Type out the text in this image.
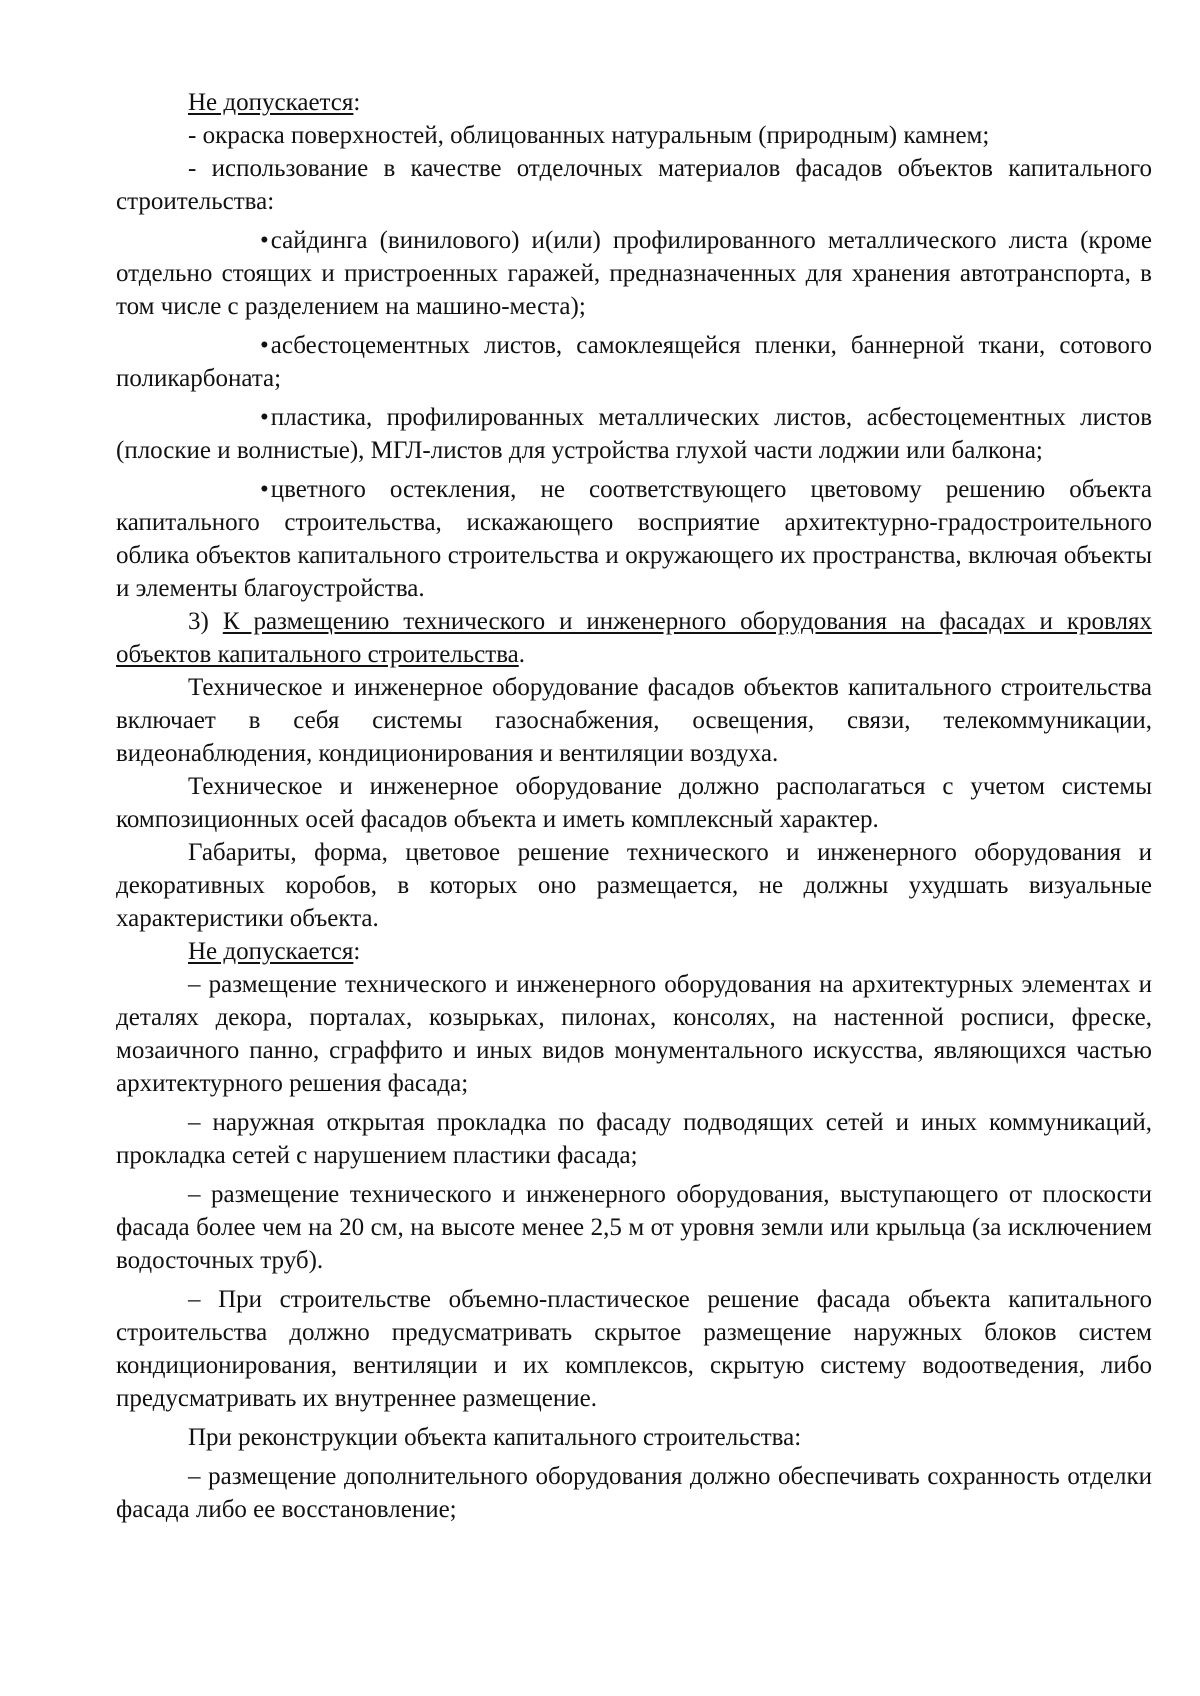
Не допускается:

- окраска поверхностей, облицованных натуральным (природным) камнем;

- использование в качестве отделочных материалов фасадов объектов капитального строительства:

•сайдинга (винилового) и(или) профилированного металлического листа (кроме отдельно стоящих и пристроенных гаражей, предназначенных для хранения автотранспорта, в том числе с разделением на машино-места);

•асбестоцементных листов, самоклеящейся пленки, баннерной ткани, сотового поликарбоната;

•пластика, профилированных металлических листов, асбестоцементных листов (плоские и волнистые), МГЛ-листов для устройства глухой части лоджии или балкона;

•цветного остекления, не соответствующего цветовому решению объекта капитального строительства, искажающего восприятие архитектурно-градостроительного облика объектов капитального строительства и окружающего их пространства, включая объекты и элементы благоустройства.

3) К размещению технического и инженерного оборудования на фасадах и кровлях объектов капитального строительства.

Техническое и инженерное оборудование фасадов объектов капитального строительства включает в себя системы газоснабжения, освещения, связи, телекоммуникации, видеонаблюдения, кондиционирования и вентиляции воздуха.

Техническое и инженерное оборудование должно располагаться с учетом системы композиционных осей фасадов объекта и иметь комплексный характер.

Габариты, форма, цветовое решение технического и инженерного оборудования и декоративных коробов, в которых оно размещается, не должны ухудшать визуальные характеристики объекта.

Не допускается:

– размещение технического и инженерного оборудования на архитектурных элементах и деталях декора, порталах, козырьках, пилонах, консолях, на настенной росписи, фреске, мозаичного панно, сграффито и иных видов монументального искусства, являющихся частью архитектурного решения фасада;

– наружная открытая прокладка по фасаду подводящих сетей и иных коммуникаций, прокладка сетей с нарушением пластики фасада;

– размещение технического и инженерного оборудования, выступающего от плоскости фасада более чем на 20 см, на высоте менее 2,5 м от уровня земли или крыльца (за исключением водосточных труб).

– При строительстве объемно-пластическое решение фасада объекта капитального строительства должно предусматривать скрытое размещение наружных блоков систем кондиционирования, вентиляции и их комплексов, скрытую систему водоотведения, либо предусматривать их внутреннее размещение.

При реконструкции объекта капитального строительства:

– размещение дополнительного оборудования должно обеспечивать сохранность отделки фасада либо ее восстановление;
